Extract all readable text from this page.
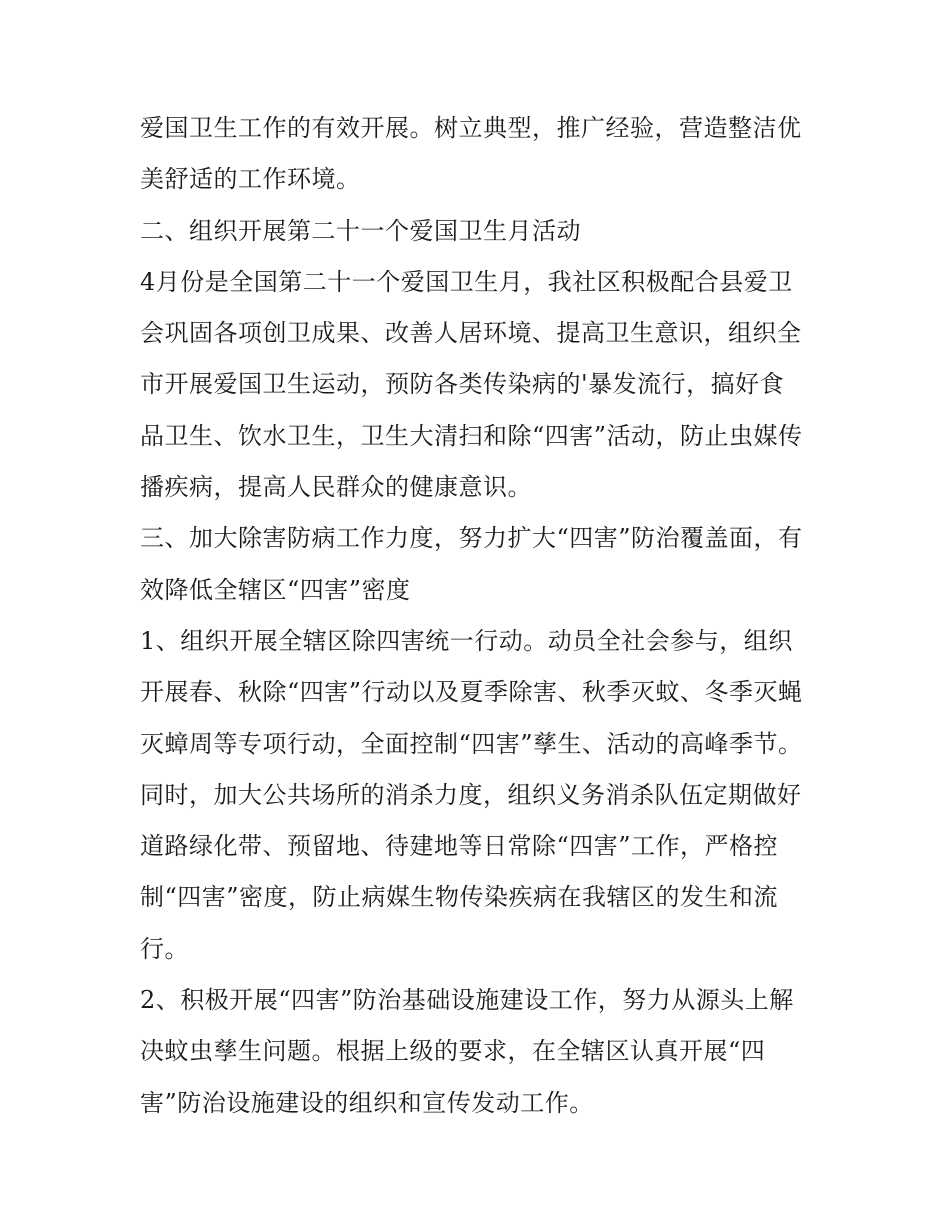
爱国卫生工作的有效开展。树立典型，推广经验，营造整洁优
美舒适的工作环境。
二、组织开展第二十一个爱国卫生月活动
4月份是全国第二十一个爱国卫生月，我社区积极配合县爱卫
会巩固各项创卫成果、改善人居环境、提高卫生意识，组织全
市开展爱国卫生运动，预防各类传染病的'暴发流行，搞好食
品卫生、饮水卫生，卫生大清扫和除“四害”活动，防止虫媒传
播疾病，提高人民群众的健康意识。
三、加大除害防病工作力度，努力扩大“四害”防治覆盖面，有
效降低全辖区“四害”密度
1、组织开展全辖区除四害统一行动。动员全社会参与，组织
开展春、秋除“四害”行动以及夏季除害、秋季灭蚊、冬季灭蝇
灭蟑周等专项行动，全面控制“四害”孳生、活动的高峰季节。
同时，加大公共场所的消杀力度，组织义务消杀队伍定期做好
道路绿化带、预留地、待建地等日常除“四害”工作，严格控
制“四害”密度，防止病媒生物传染疾病在我辖区的发生和流
行。
2、积极开展“四害”防治基础设施建设工作，努力从源头上解
决蚊虫孳生问题。根据上级的要求，在全辖区认真开展“四
害”防治设施建设的组织和宣传发动工作。
